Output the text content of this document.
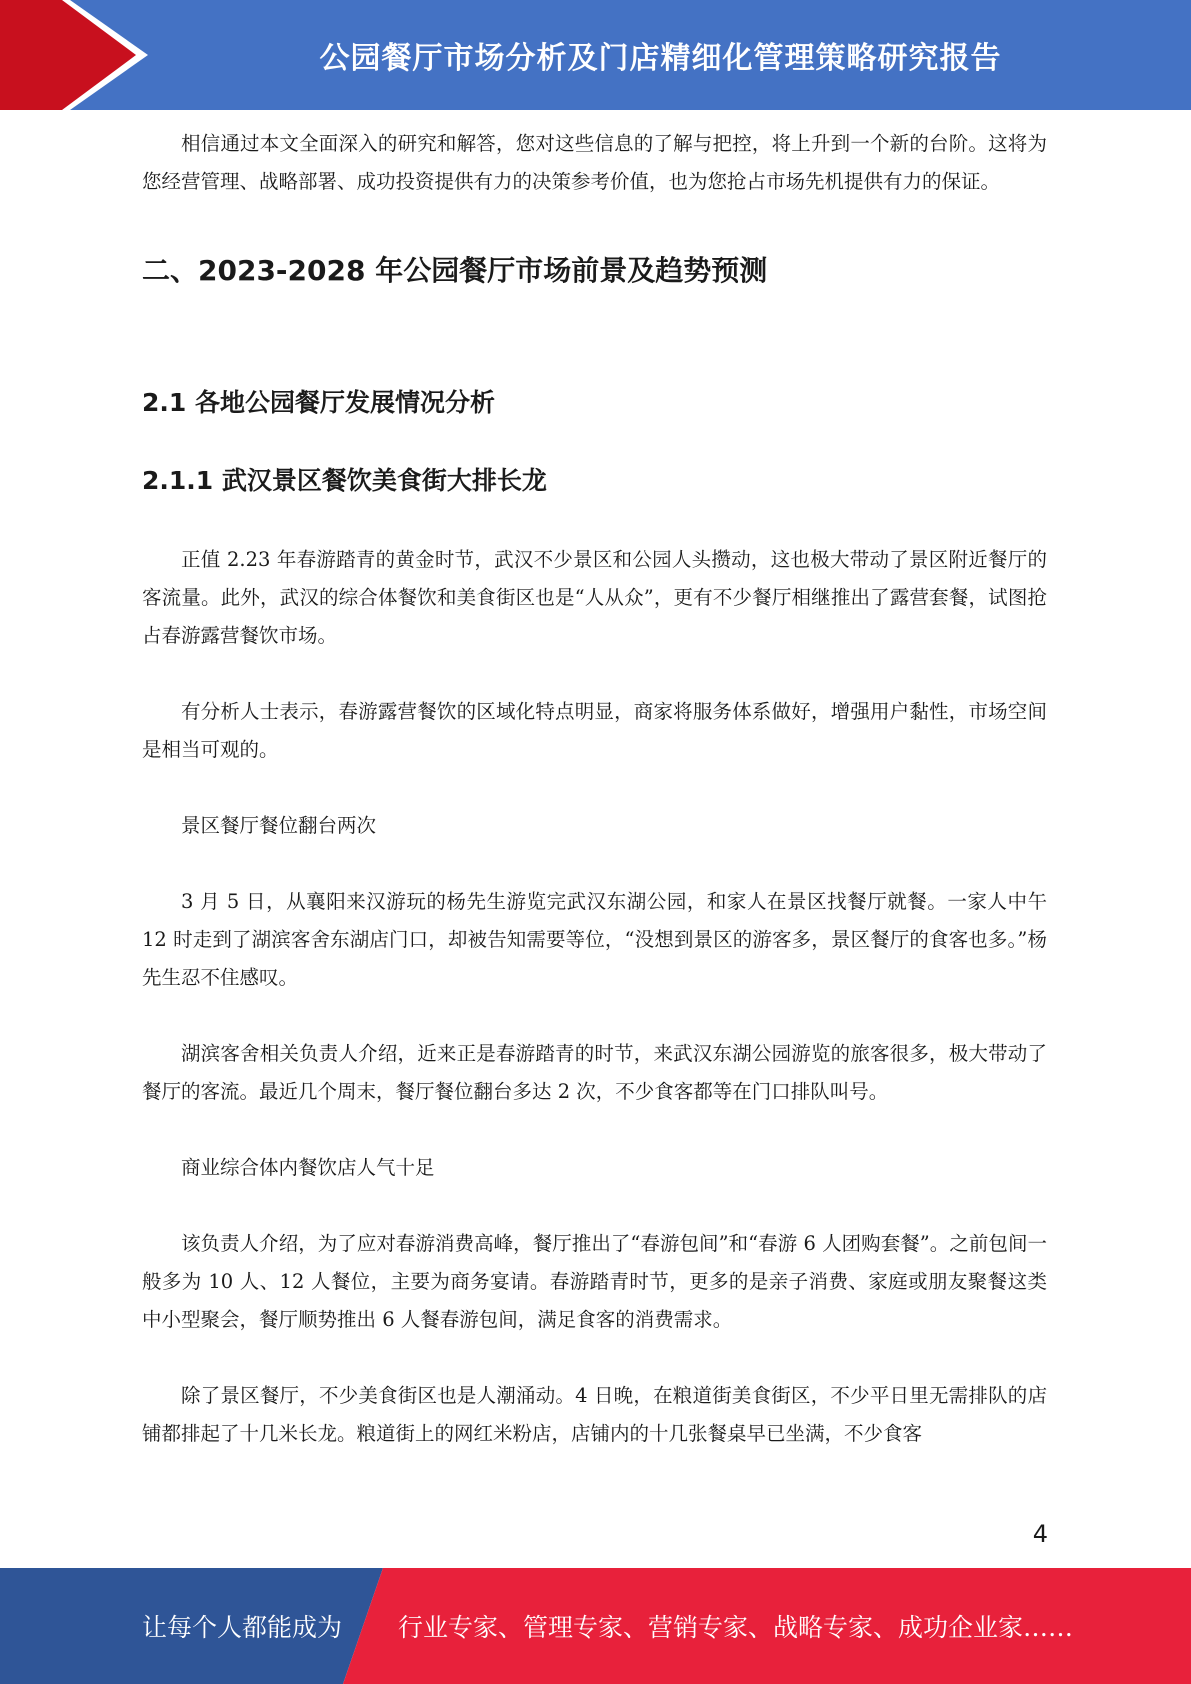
公园餐厅市场分析及门店精细化管理策略研究报告

相信通过本文全面深入的研究和解答，您对这些信息的了解与把控，将上升到一个新的台阶。这将为您经营管理、战略部署、成功投资提供有力的决策参考价值，也为您抢占市场先机提供有力的保证。

二、2023-2028 年公园餐厅市场前景及趋势预测
2.1 各地公园餐厅发展情况分析
2.1.1 武汉景区餐饮美食街大排长龙

正值 2.23 年春游踏青的黄金时节，武汉不少景区和公园人头攒动，这也极大带动了景区附近餐厅的客流量。此外，武汉的综合体餐饮和美食街区也是“人从众”，更有不少餐厅相继推出了露营套餐，试图抢占春游露营餐饮市场。

有分析人士表示，春游露营餐饮的区域化特点明显，商家将服务体系做好，增强用户黏性，市场空间是相当可观的。

景区餐厅餐位翻台两次

3 月 5 日，从襄阳来汉游玩的杨先生游览完武汉东湖公园，和家人在景区找餐厅就餐。一家人中午 12 时走到了湖滨客舍东湖店门口，却被告知需要等位，“没想到景区的游客多，景区餐厅的食客也多。”杨先生忍不住感叹。

湖滨客舍相关负责人介绍，近来正是春游踏青的时节，来武汉东湖公园游览的旅客很多，极大带动了餐厅的客流。最近几个周末，餐厅餐位翻台多达 2 次，不少食客都等在门口排队叫号。

商业综合体内餐饮店人气十足

该负责人介绍，为了应对春游消费高峰，餐厅推出了“春游包间”和“春游 6 人团购套餐”。之前包间一般多为 10 人、12 人餐位，主要为商务宴请。春游踏青时节，更多的是亲子消费、家庭或朋友聚餐这类中小型聚会，餐厅顺势推出 6 人餐春游包间，满足食客的消费需求。

除了景区餐厅，不少美食街区也是人潮涌动。4 日晚，在粮道街美食街区，不少平日里无需排队的店铺都排起了十几米长龙。粮道街上的网红米粉店，店铺内的十几张餐桌早已坐满，不少食客

4
让每个人都能成为 行业专家、管理专家、营销专家、战略专家、成功企业家……
